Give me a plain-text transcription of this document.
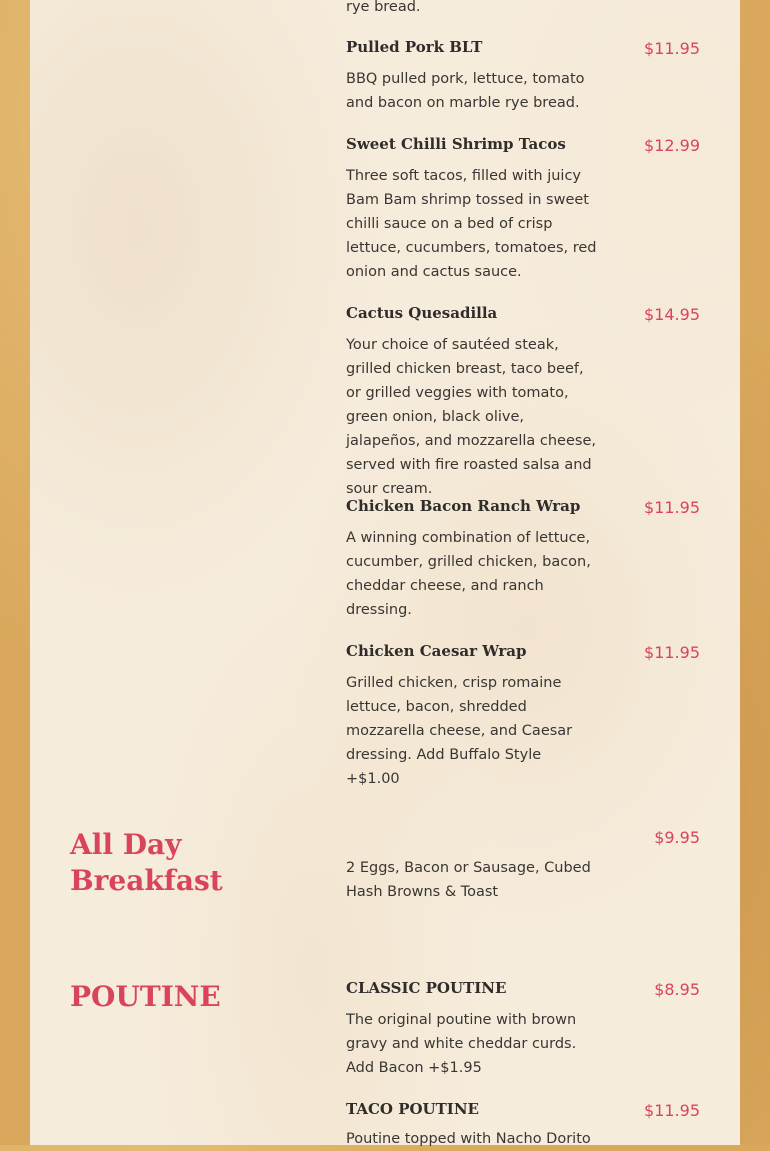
rye bread.

Pulled Pork BLT	$11.95

BBQ pulled pork, lettuce, tomato and bacon on marble rye bread.

Sweet Chilli Shrimp Tacos	$12.99

Three soft tacos, filled with juicy Bam Bam shrimp tossed in sweet chilli sauce on a bed of crisp lettuce, cucumbers, tomatoes, red onion and cactus sauce.

Cactus Quesadilla	$14.95

Your choice of sautéed steak, grilled chicken breast, taco beef, or grilled veggies with tomato, green onion, black olive, jalapeños, and mozzarella cheese, served with fire roasted salsa and sour cream.

Chicken Bacon Ranch Wrap	$11.95

A winning combination of lettuce, cucumber, grilled chicken, bacon, cheddar cheese, and ranch dressing.

Chicken Caesar Wrap	$11.95

Grilled chicken, crisp romaine lettuce, bacon, shredded mozzarella cheese, and Caesar dressing. Add Buffalo Style +$1.00

All Day
Breakfast
$9.95

2 Eggs, Bacon or Sausage, Cubed Hash Browns & Toast

POUTINE	CLASSIC POUTINE	$8.95

The original poutine with brown gravy and white cheddar curds. Add Bacon +$1.95

TACO POUTINE	$11.95

Poutine topped with Nacho Dorito
